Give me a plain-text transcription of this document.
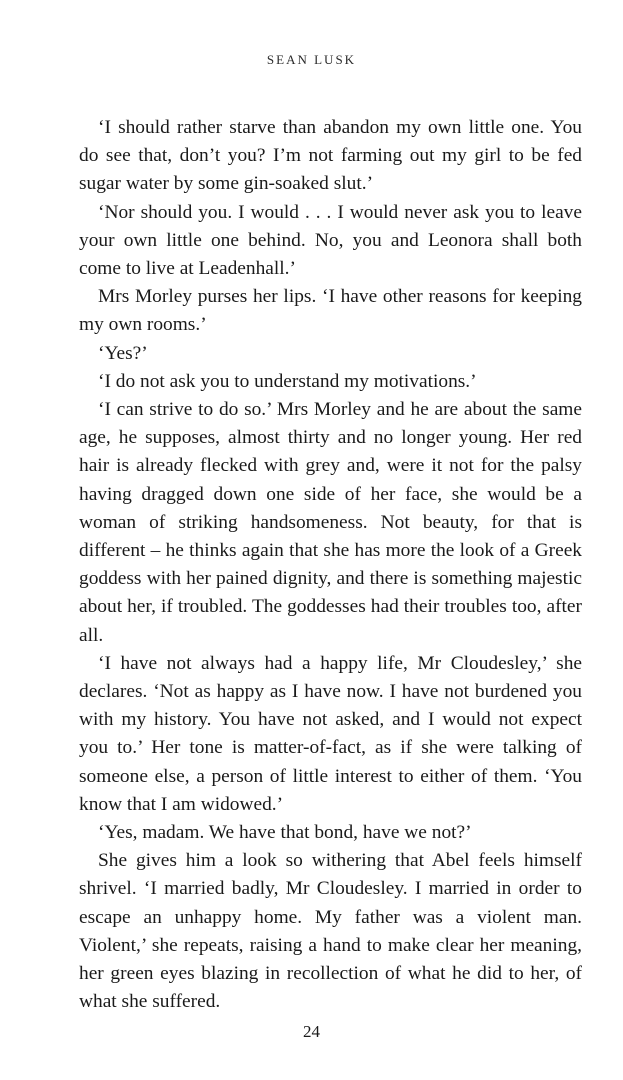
SEAN LUSK

‘I should rather starve than abandon my own little one. You do see that, don’t you? I’m not farming out my girl to be fed sugar water by some gin-soaked slut.’

‘Nor should you. I would . . . I would never ask you to leave your own little one behind. No, you and Leonora shall both come to live at Leadenhall.’

Mrs Morley purses her lips. ‘I have other reasons for keeping my own rooms.’

‘Yes?’

‘I do not ask you to understand my motivations.’

‘I can strive to do so.’ Mrs Morley and he are about the same age, he supposes, almost thirty and no longer young. Her red hair is already flecked with grey and, were it not for the palsy having dragged down one side of her face, she would be a woman of striking handsomeness. Not beauty, for that is different – he thinks again that she has more the look of a Greek goddess with her pained dignity, and there is something majestic about her, if troubled. The goddesses had their troubles too, after all.

‘I have not always had a happy life, Mr Cloudesley,’ she declares. ‘Not as happy as I have now. I have not burdened you with my history. You have not asked, and I would not expect you to.’ Her tone is matter-of-fact, as if she were talking of someone else, a person of little interest to either of them. ‘You know that I am widowed.’

‘Yes, madam. We have that bond, have we not?’

She gives him a look so withering that Abel feels himself shrivel. ‘I married badly, Mr Cloudesley. I married in order to escape an unhappy home. My father was a violent man. Violent,’ she repeats, raising a hand to make clear her meaning, her green eyes blazing in recollection of what he did to her, of what she suffered.

24
